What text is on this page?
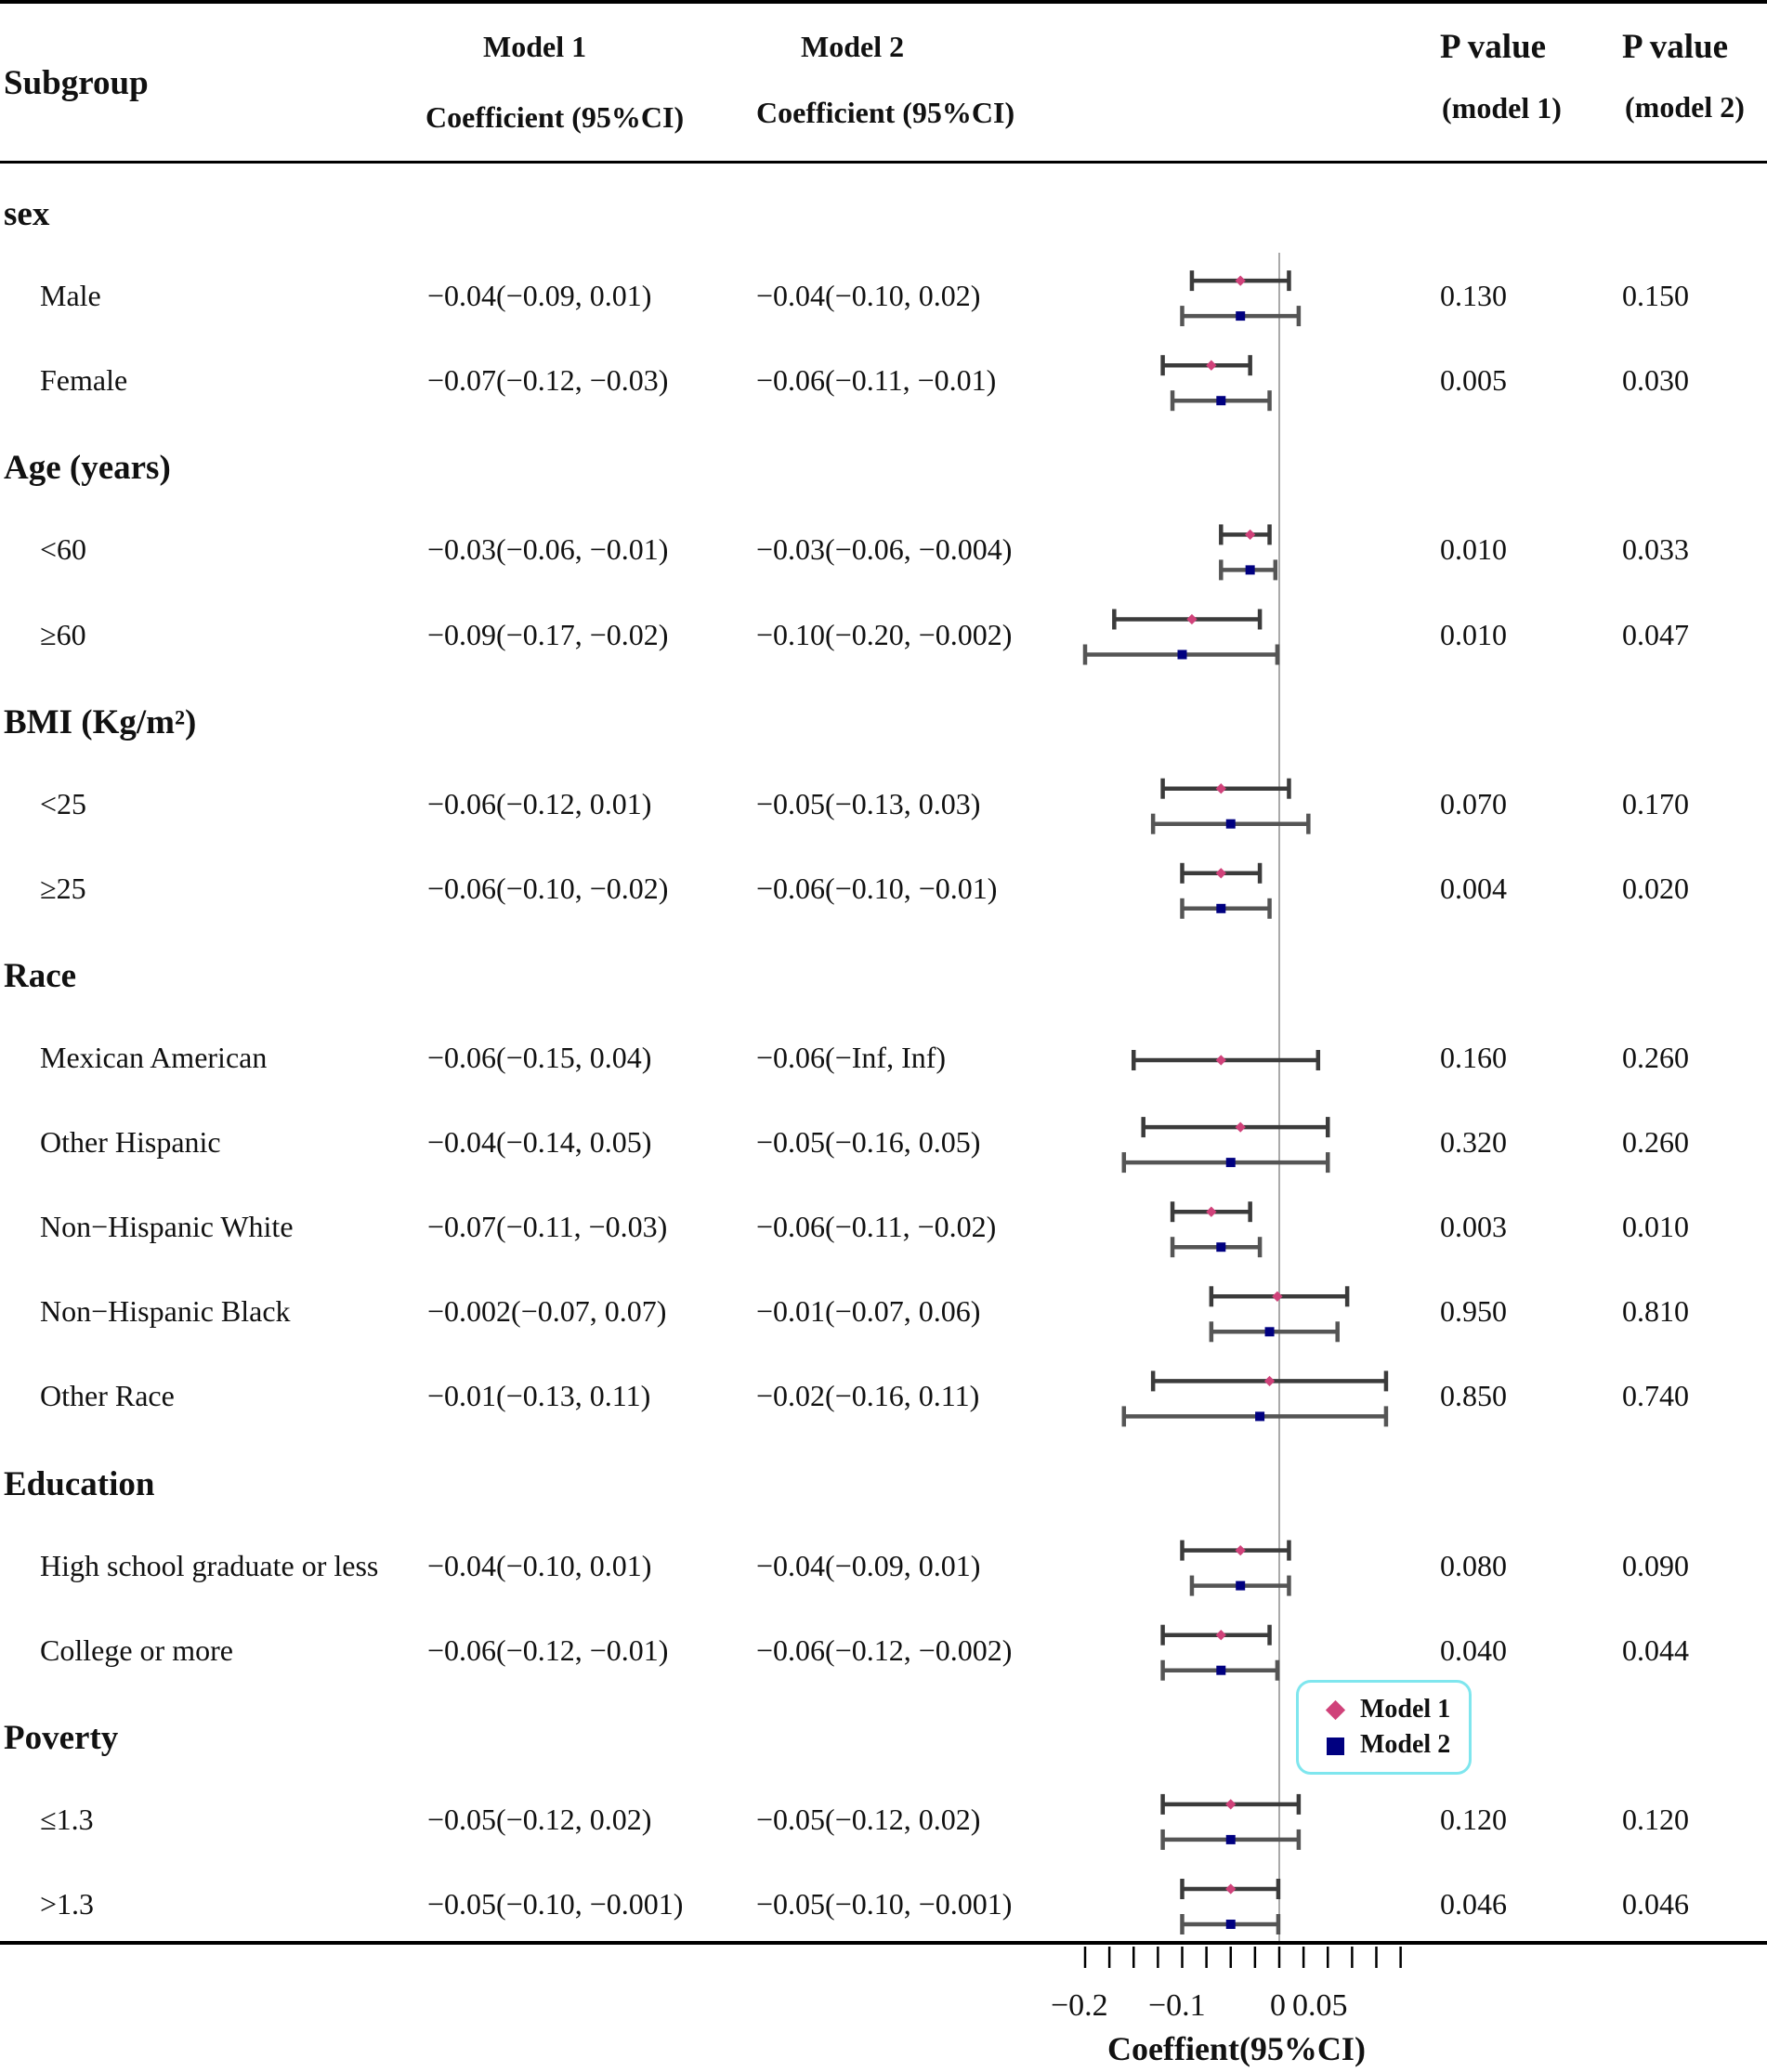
Subgroup
Model 1	Model 2
Coefficient (95%CI) Coefficient (95%CI)
P value P value
(model 1) (model 2)
sex
Male	−0.04(−0.09, 0.01)	−0.04(−0.10, 0.02)	0.130	0.150
Female	−0.07(−0.12, −0.03)	−0.06(−0.11, −0.01)	0.005	0.030
Age (years)
<60	−0.03(−0.06, −0.01)	−0.03(−0.06, −0.004)	0.010	0.033
≥60	−0.09(−0.17, −0.02)	−0.10(−0.20, −0.002)	0.010	0.047
BMI (Kg/m²)
<25	−0.06(−0.12, 0.01)	−0.05(−0.13, 0.03)	0.070	0.170
≥25	−0.06(−0.10, −0.02)	−0.06(−0.10, −0.01)	0.004	0.020
Race
Mexican American	−0.06(−0.15, 0.04)	−0.06(−Inf, Inf)	0.160	0.260
Other Hispanic	−0.04(−0.14, 0.05)	−0.05(−0.16, 0.05)	0.320	0.260
Non−Hispanic White	−0.07(−0.11, −0.03)	−0.06(−0.11, −0.02)	0.003	0.010
Non−Hispanic Black	−0.002(−0.07, 0.07)	−0.01(−0.07, 0.06)	0.950	0.810
Other Race	−0.01(−0.13, 0.11)	−0.02(−0.16, 0.11)	0.850	0.740
Education
High school graduate or less −0.04(−0.10, 0.01)	−0.04(−0.09, 0.01)	0.080	0.090
College or more	−0.06(−0.12, −0.01)	−0.06(−0.12, −0.002)	0.040	0.044
Poverty
≤1.3	−0.05(−0.12, 0.02)	−0.05(−0.12, 0.02)	0.120	0.120
>1.3	−0.05(−0.10, −0.001) −0.05(−0.10, −0.001)	0.046	0.046
−0.2 −0.1 0 0.05
Coeffient(95%CI)
Model 1
Model 2
